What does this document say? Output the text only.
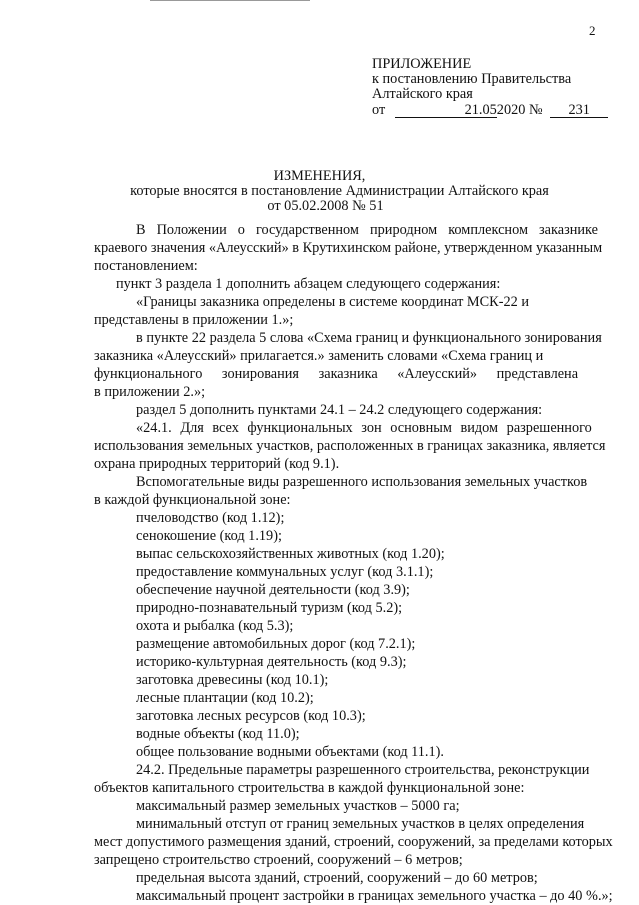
2
ПРИЛОЖЕНИЕ
к постановлению Правительства
Алтайского края
от	21.052020 № 231
ИЗМЕНЕНИЯ,
которые вносятся в постановление Администрации Алтайского края
от 05.02.2008 № 51
В Положении о государственном природном комплексном заказнике
краевого значения «Алеусский» в Крутихинском районе, утвержденном указанным
постановлением:
пункт 3 раздела 1 дополнить абзацем следующего содержания:
«Границы заказника определены в системе координат МСК-22 и
представлены в приложении 1.»;
в пункте 22 раздела 5 слова «Схема границ и функционального зонирования
заказника «Алеусский» прилагается.» заменить словами «Схема границ и
функционального зонирования заказника «Алеусский» представлена
в приложении 2.»;
раздел 5 дополнить пунктами 24.1 – 24.2 следующего содержания:
«24.1. Для всех функциональных зон основным видом разрешенного
использования земельных участков, расположенных в границах заказника, является
охрана природных территорий (код 9.1).
Вспомогательные виды разрешенного использования земельных участков
в каждой функциональной зоне:
пчеловодство (код 1.12);
сенокошение (код 1.19);
выпас сельскохозяйственных животных (код 1.20);
предоставление коммунальных услуг (код 3.1.1);
обеспечение научной деятельности (код 3.9);
природно-познавательный туризм (код 5.2);
охота и рыбалка (код 5.3);
размещение автомобильных дорог (код 7.2.1);
историко-культурная деятельность (код 9.3);
заготовка древесины (код 10.1);
лесные плантации (код 10.2);
заготовка лесных ресурсов (код 10.3);
водные объекты (код 11.0);
общее пользование водными объектами (код 11.1).
24.2. Предельные параметры разрешенного строительства, реконструкции
объектов капитального строительства в каждой функциональной зоне:
максимальный размер земельных участков – 5000 га;
минимальный отступ от границ земельных участков в целях определения
мест допустимого размещения зданий, строений, сооружений, за пределами которых
запрещено строительство строений, сооружений – 6 метров;
предельная высота зданий, строений, сооружений – до 60 метров;
максимальный процент застройки в границах земельного участка – до 40 %.»;
